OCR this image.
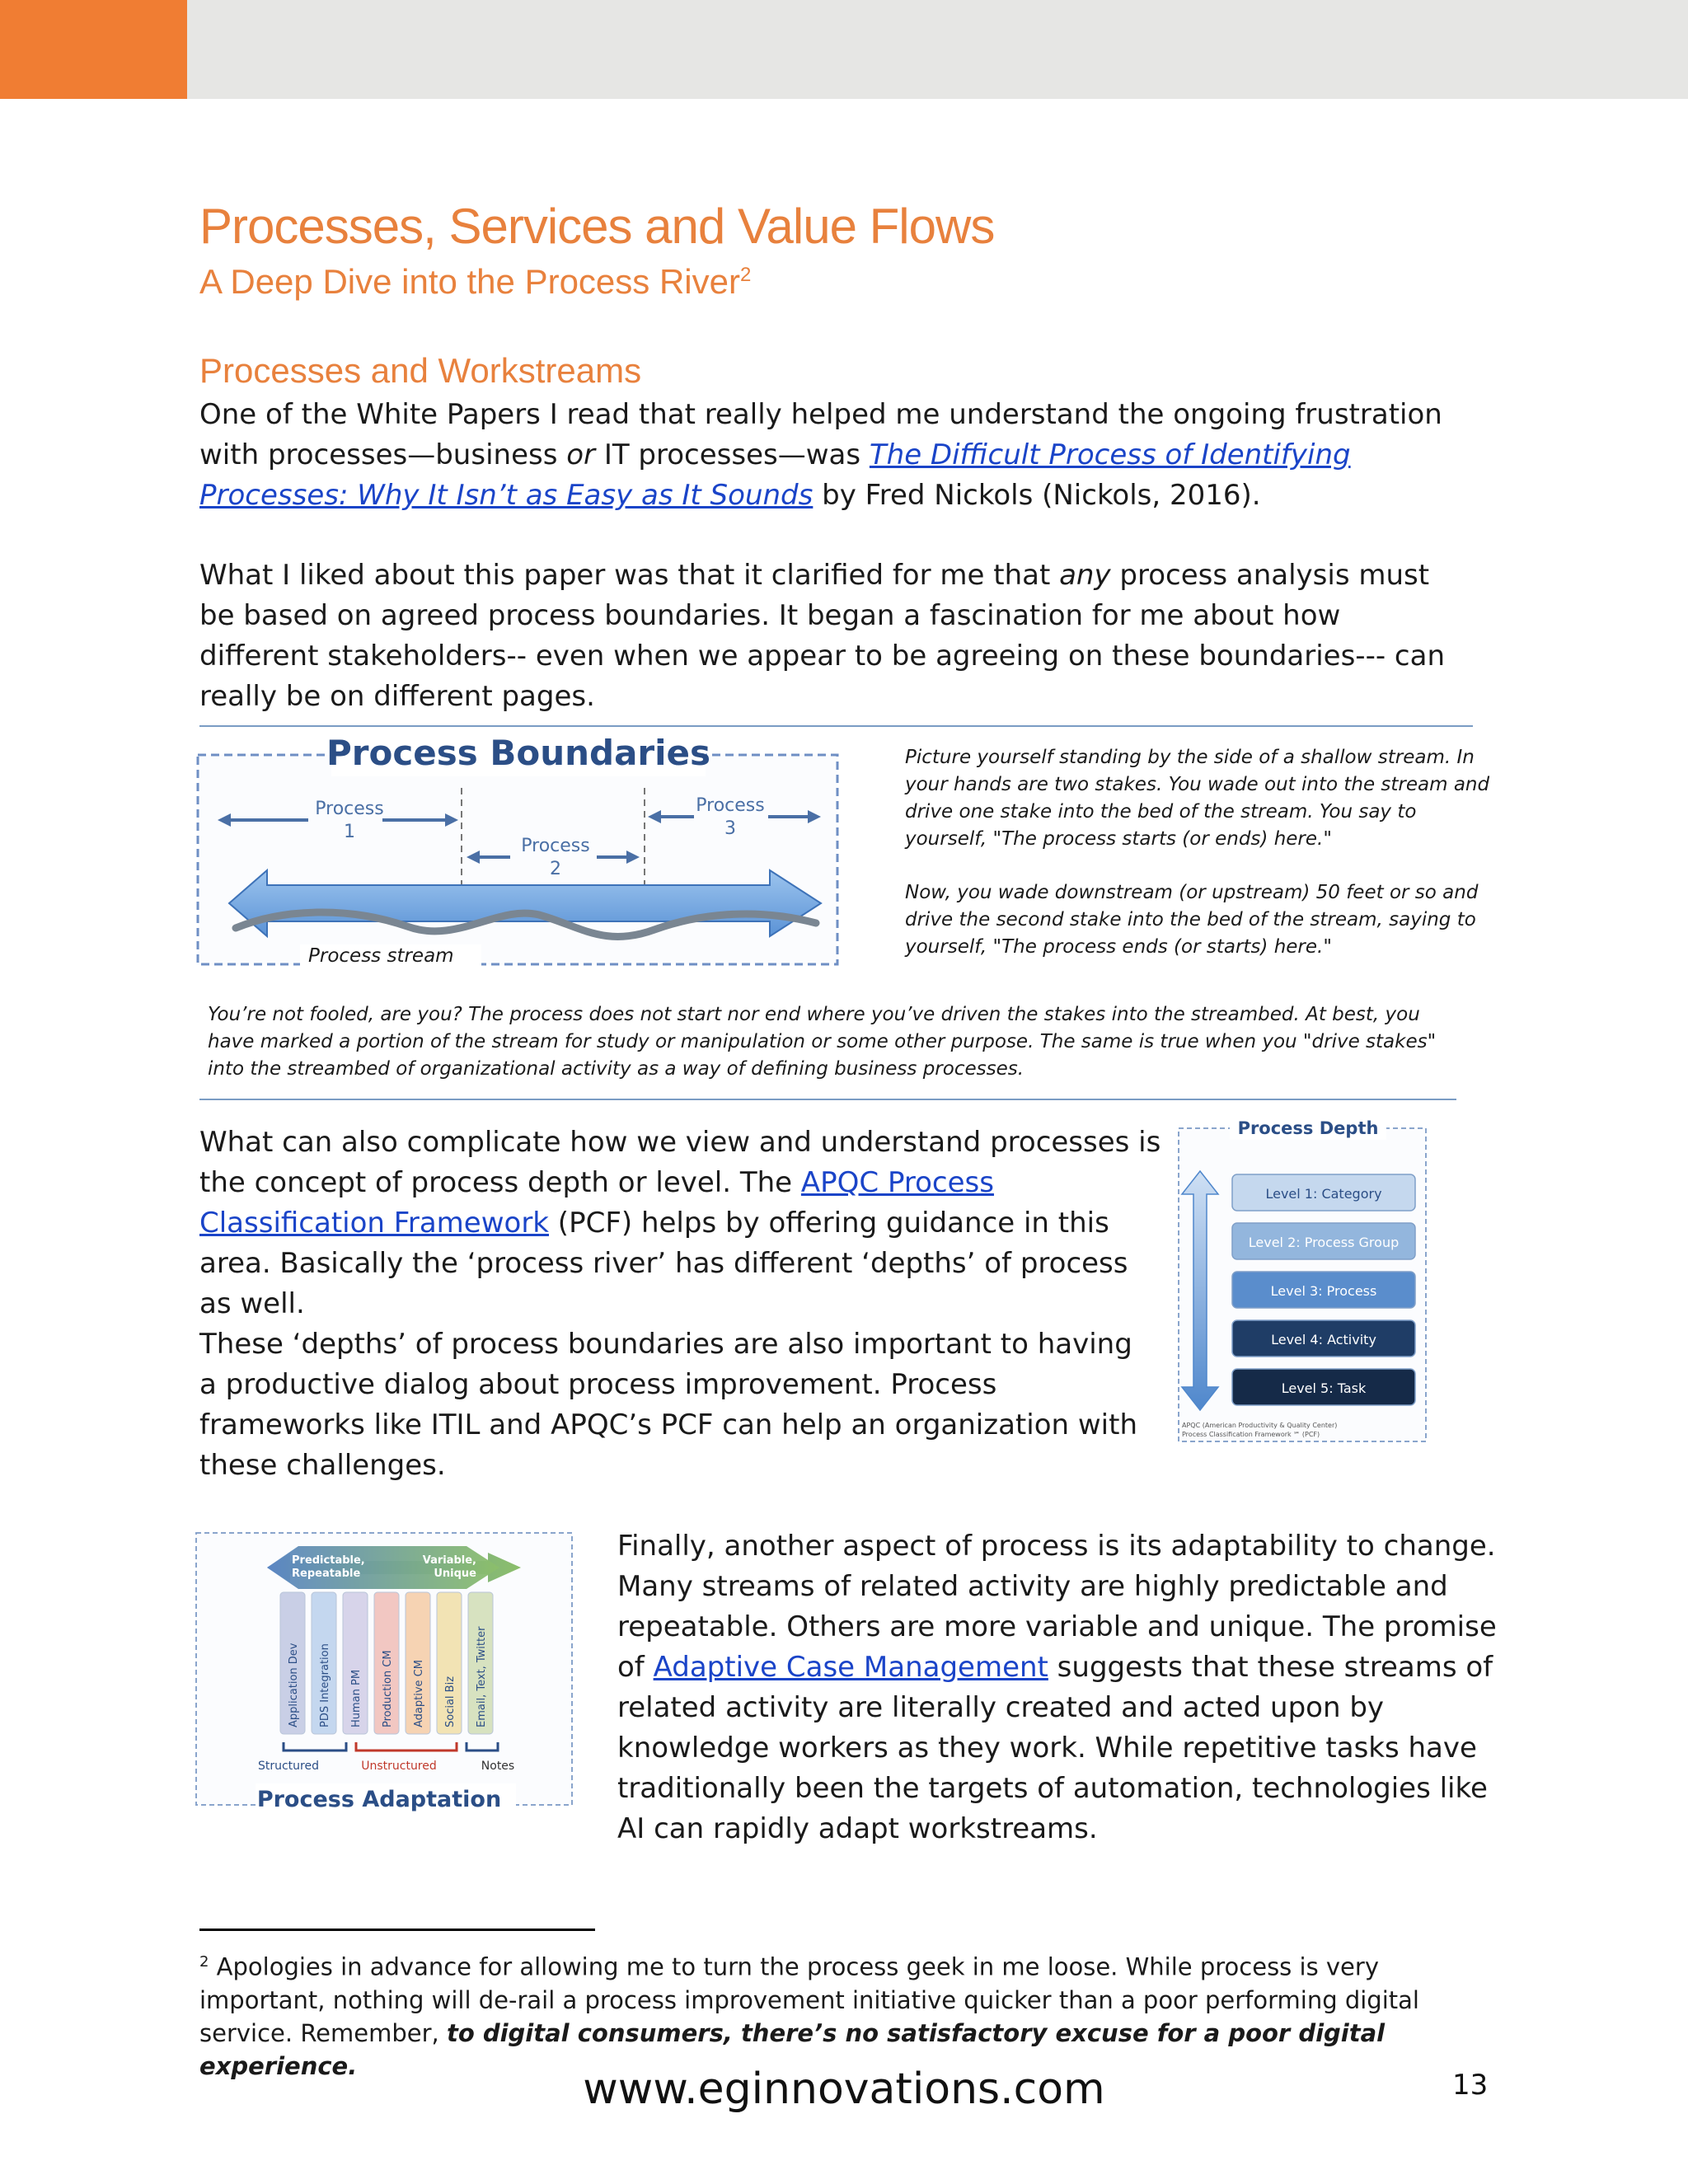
Processes, Services and Value Flows
A Deep Dive into the Process River$^2$
Processes and Workstreams
One of the White Papers I read that really helped me understand the ongoing frustration with processes—business or IT processes—was The Difficult Process of Identifying Processes: Why It Isn’t as Easy as It Sounds by Fred Nickols (Nickols, 2016).
What I liked about this paper was that it clarified for me that any process analysis must be based on agreed process boundaries. It began a fascination for me about how different stakeholders-- even when we appear to be agreeing on these boundaries--- can really be on different pages.
Process Boundaries
Process
1
Process
2
Process
3
Process stream
Picture yourself standing by the side of a shallow stream. In your hands are two stakes. You wade out into the stream and drive one stake into the bed of the stream. You say to yourself, "The process starts (or ends) here."
Now, you wade downstream (or upstream) 50 feet or so and drive the second stake into the bed of the stream, saying to yourself, "The process ends (or starts) here."
You’re not fooled, are you? The process does not start nor end where you’ve driven the stakes into the streambed. At best, you have marked a portion of the stream for study or manipulation or some other purpose. The same is true when you "drive stakes" into the streambed of organizational activity as a way of defining business processes.
What can also complicate how we view and understand processes is the concept of process depth or level. The APQC Process Classification Framework (PCF) helps by offering guidance in this area. Basically the ‘process river’ has different ‘depths’ of process as well.
These ‘depths’ of process boundaries are also important to having a productive dialog about process improvement. Process frameworks like ITIL and APQC’s PCF can help an organization with these challenges.
Process Depth
Level 1: Category
Level 2: Process Group
Level 3: Process
Level 4: Activity
Level 5: Task
APQC (American Productivity & Quality Center)
Process Classification Framework ℠ (PCF)
Predictable,
Repeatable
Variable,
Unique
Application Dev PDS Integration Human PM Production CM Adaptive CM Social Biz Email, Text, Twitter
Structured	Unstructured	Notes
Process Adaptation
Finally, another aspect of process is its adaptability to change. Many streams of related activity are highly predictable and repeatable. Others are more variable and unique. The promise of Adaptive Case Management suggests that these streams of related activity are literally created and acted upon by knowledge workers as they work. While repetitive tasks have traditionally been the targets of automation, technologies like AI can rapidly adapt workstreams.
$^2$ Apologies in advance for allowing me to turn the process geek in me loose. While process is very important, nothing will de-rail a process improvement initiative quicker than a poor performing digital service. Remember, to digital consumers, there’s no satisfactory excuse for a poor digital experience.	www.eginnovations.com	13
